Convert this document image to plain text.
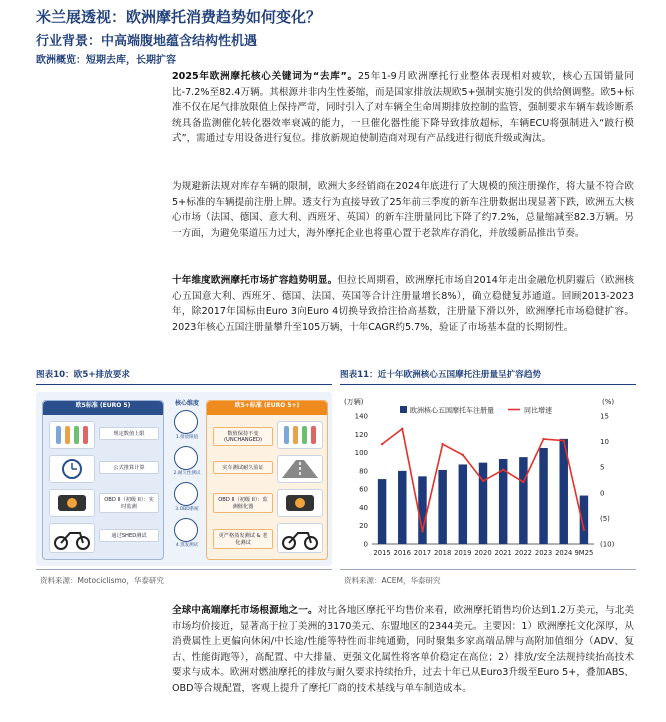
米兰展透视：欧洲摩托消费趋势如何变化？
行业背景：中高端腹地蕴含结构性机遇
欧洲概览：短期去库，长期扩容

2025年欧洲摩托核心关键词为“去库”。25年1-9月欧洲摩托行业整体表现相对疲软，核心五国销量同比-7.2%至82.4万辆。其根源并非内生性萎缩，而是国家排放法规欧5+强制实施引发的供给侧调整。欧5+标准不仅在尾气排放限值上保持严苛，同时引入了对车辆全生命周期排放控制的监管，强制要求车辆车载诊断系统具备监测催化转化器效率衰减的能力，一旦催化器性能下降导致排放超标，车辆ECU将强制进入“跛行模式”，需通过专用设备进行复位。排放新规迫使制造商对现有产品线进行彻底升级或淘汰。

为规避新法规对库存车辆的限制，欧洲大多经销商在2024年底进行了大规模的预注册操作，将大量不符合欧5+标准的车辆提前注册上牌。透支行为直接导致了25年前三季度的新车注册数据出现显著下跌，欧洲五大核心市场（法国、德国、意大利、西班牙、英国）的新车注册量同比下降了约7.2%，总量缩减至82.3万辆。另一方面，为避免渠道压力过大，海外摩托企业也将重心置于老款库存消化，并放缓新品推出节奏。

十年维度欧洲摩托市场扩容趋势明显。但拉长周期看，欧洲摩托市场自2014年走出金融危机阴霾后（欧洲核心五国意大利、西班牙、德国、法国、英国等合计注册量增长8%），确立稳健复苏通道。回顾2013-2023年，除2017年国标由Euro 3向Euro 4切换导致拾注拾高基数，注册量下滑以外，欧洲摩托市场稳健扩容。2023年核心五国注册量攀升至105万辆，十年CAGR约5.7%，验证了市场基本盘的长期韧性。

图表10：欧5+排放要求
欧5标准 (EURO 5)
规定数值上限
公式推算计算
OBD II（初级 II）：实时监测
通过SHED测试
核心维度
1.排放限值
2.耐久性测试
3.OBD系统
4.蒸发测试
欧5+标准 (EURO 5+)
数值保持不变 (UNCHANGED)
实车测试耐久验证
OBD II（初级 II）：监测催化器
更严格蒸发测试 & 老化测试
资料来源：Motociclismo，华泰研究
图表11：近十年欧洲核心五国摩托注册量呈扩容趋势
(万辆)	(%)
0
20
40
60
80
100
120
140
(10)
(5)
0
5
10
15
2015 2016 2017 2018 2019 2020 2021 2022 2023 2024 9M25
欧洲核心五国摩托车注册量	同比增速
资料来源：ACEM，华泰研究

全球中高端摩托市场根源地之一。对比各地区摩托平均售价来看，欧洲摩托销售均价达到1.2万美元，与北美市场均价接近，显著高于拉丁美洲的3170美元、东盟地区的2344美元。主要因：1）欧洲摩托文化深厚，从消费属性上更偏向休闲/中长途/性能等特性而非纯通勤，同时聚集多家高端品牌与高附加值细分（ADV、复古、性能街跑等），高配置、中大排量、更强文化属性将客单价稳定在高位；2）排放/安全法规持续抬高技术要求与成本。欧洲对燃油摩托的排放与耐久要求持续抬升，过去十年已从Euro3升级至Euro 5+，叠加ABS、OBD等合规配置，客观上提升了摩托厂商的技术基线与单车制造成本。
